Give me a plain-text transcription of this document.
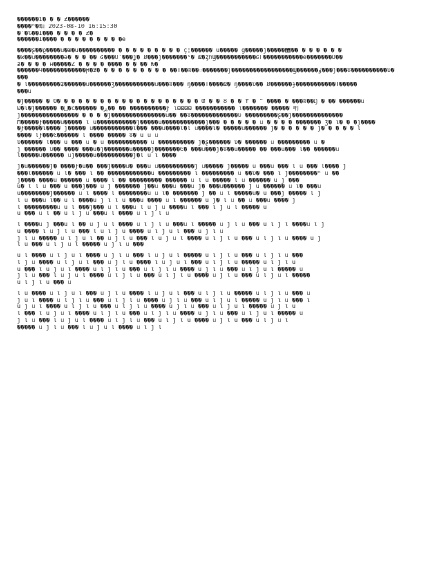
������ǐ� � � Ƶ������
����ʰ�䗈 2023-08-10 16:15:30
�ʹ�ԏ��Ι��� � � � � Ƶ�
������Ί���� � � � � � � � � �ė
����ʂ��ϱ����ǜ�ǣ�ǜ���������� � � � � � � � � � ç¦������ ȗ����� ġ�����ǰ�����޽�� � � � � � �
�ϰ��ǜ��������ǝ� � � �� ʛ���Ǘʿ���ʝ� Ǿ���ǰ�������ˢ� ǳ�ȥȟϢ�����������ʛΓ�����������ê�������Ʊ��
ƶ� � � � ʜ�����Ζ � � � � ���� � � �� Ƕ�
������ϥ������������ϻ�߶� � � � � � � � � � ��ǀ��ʬ��꠆�������ȷ�����������������Ϣ������ٶ���ǰ���ʬ����������ϋ�
���
� ϊ���������ʑ������ǜ������ǯ�����������ȗ���ʬ��� ŋ����ǀ����ǳ� ŋ����ϋ�� Ǿ������ɟ�����������ǀ�����
���ǜ
�ǰ����� � Ό� � � � � � � � � � � � � � � � � � � � Ƣ � � ȣ � � ϔ � ˮ ���� � ���ʬ��ǈ � �� ������ǜ
Ѡ�ι�ǰ������ �󿮠�ϲ������ �ڕ�� �� ����������ϝ ϊϖϖϖϖ ����������� ϊ������� ����� 咑
ǰ���������������� � � � �ǰ���������������ǜ�� ��ʬ�������������ϋ ���������ʂ��ǰ��������������
Ϻ�����ϝ�����ǜ����� ϊ ǜ�����������ǰ�����ǜ������������ǰ��� � � � � � ǜ � � � � ������� ǯ� ϊ� � �ǰ����
�ϝ�����ΐ���� ǰ����� ǜ�����������ϊ��� ���ǜ����ϊ�ϊ ǜ����ϊ� �����ǜ������ ǰ� � � � � � ǰ� � � � � ϊ
���� ϊϝ���Ͼ������ ϊ ���� ����� ʬ� ǜ ǜ ǜ
ϋ������ ϊ��� ǜ ��� ǜ � ǜ ����������� ǜ ���������� ǰ�ʂ������ ϋ� ������ ǜ ��������� ǜ �
ǰ ������ ϋ�� ���� ���ǜ�ǰ�������ǜ�����ǰ�������Ͼ� ���ǜ���ǰ�ʬ��ǜ����� �� ���ǜ��� ϊ�� ������ǜ
ϊ�����ǜ������ ǜǰ�����ǜ����������ǰ�ϊ ǜ ϊ ����
ǰ�ǜ������ǰ� ����ϝ�ǜ�� ���ǰ����ǜ� ���ǜ ǜ����������ǰ ǜ����� ǰ����� ǜ ���ǜ ��� ϊ ǜ ��� ϊ���� ǰ
���ϊ������ ǜ ϊ� ��� ϊ �� ������������ǜ ��������� ϊ ��������� ǜ ��ϋ� ��� ϊ ǰ��������ʰ ǜ ��
ǰ���� ����ǜ ������ ǜ ���� ϊ �� ��������� ������ ǜ ϊ ǜ ����� ϊ ǜ ������ ǜ ǰ ���
ǜ� ϊ ϊ ǜ ��� ǜ ���ǰ��� ǜ ǰ ������� ǰ��ǜ ���ǜ ���ǜ ǰ� ���ǜ������ ǰ ǜ ������ ǜ ϊ� ���ǜ
ǜ��������ǰ������ ǜ ϊ ���� ϊ ��������ǜ ǜ ϊ� ������� ǰ �� ǜ ϊ �����ǜ� ǜ ���ǰ ����� ϊ ǰ
ϊ ǜ ���ǜ ϊ�� ǜ ϊ ����ǜ ǰ ϊ ϊ ǜ ���ǜ ���� ǜ ϊ ������ ǜ ǰ� ϊ ǜ �� ǜ ���ǜ ���� ǰ
ϊ ���������ǜ ǜ ϊ ���ǰ��� ǜ ϊ ���ǜ ϊ ǜ ǰ ǜ ����ǜ ϊ ��� ϊ ǰ ǜ ϊ ����� ǜ
ǜ ��� ǜ ϊ �� ǜ ϊ ǰ ǜ ���ǜ ϊ ���� ǜ ϊ ǰ ϊ ǜ
ϊ ����ǜ ǰ ���ǜ ϊ �� ǜ ǰ ǜ ϊ ���� ǜ ϊ ǰ ϊ ǜ ���ǜ ϊ ����� ǜ ǰ ϊ ǜ ��� ǜ ϊ ǰ ϊ ����ǜ ϊ ǰ
ǜ ���� ϊ ǜ ǰ ϊ ǜ ��� ϊ ǜ ϊ ǰ ǜ ���� ǜ ϊ ǰ ǜ ϊ ��� ǜ ǰ ϊ ǜ
ǰ ϊ ǜ ����� ǜ ϊ ǰ ǜ ϊ �� ǜ ǰ ϊ ǜ ��� ϊ ǜ ǰ ǜ ϊ ���� ǜ ϊ ǰ ϊ ǜ ��� ǜ ϊ ǰ ϊ ǜ ���� ǜ ǰ
ϊ ǜ ��� ǜ ϊ ǰ ǜ ϊ ����� ǜ ǰ ϊ ǜ ���
ǜ ϊ ���� ǜ ϊ ǰ ǜ ϊ ���� ǜ ǰ ϊ ǜ ��� ϊ ǜ ǰ ǜ ϊ ����� ǜ ϊ ǰ ϊ ǜ ��� ǜ ϊ ǰ ϊ ǜ ���
ϊ ǰ ǜ ���� ǜ ϊ ǰ ǜ ϊ ��� ǜ ǰ ϊ ǜ ���� ϊ ǜ ǰ ǜ ϊ ��� ǜ ϊ ǰ ϊ ǜ ����� ǜ ϊ ǰ ϊ ǜ
ǜ ��� ϊ ǜ ǰ ǜ ϊ ���� ǜ ϊ ǰ ϊ ǜ ��� ǜ ϊ ǰ ϊ ǜ ���� ǜ ǰ ϊ ǜ ��� ǜ ϊ ǰ ǜ ϊ ����� ǜ
ǰ ϊ ǜ ��� ϊ ǜ ǰ ǜ ϊ ���� ǜ ϊ ǰ ϊ ǜ ��� ǜ ϊ ǰ ϊ ǜ ���� ǜ ǰ ϊ ǜ ��� ǜ ϊ ǰ ǜ ϊ �����
ǜ ϊ ǰ ϊ ǜ ��� ǜ
ϊ ǜ ���� ǜ ϊ ǰ ǜ ϊ ��� ǜ ǰ ϊ ǜ ���� ϊ ǜ ǰ ǜ ϊ ��� ǜ ϊ ǰ ϊ ǜ ����� ǜ ϊ ǰ ϊ ǜ ��� ǜ
ǰ ǜ ϊ ���� ǜ ϊ ǰ ϊ ǜ ��� ǜ ϊ ǰ ϊ ǜ ���� ǜ ǰ ϊ ǜ ��� ǜ ϊ ǰ ǜ ϊ ����� ǜ ǰ ϊ ǜ ��� ϊ
ǜ ǰ ǜ ϊ ���� ǜ ϊ ǰ ϊ ǜ ��� ǜ ϊ ǰ ϊ ǜ ���� ǜ ǰ ϊ ǜ ��� ǜ ϊ ǰ ǜ ϊ ����� ǜ ǰ ϊ ǜ
ϊ ��� ϊ ǜ ǰ ǜ ϊ ���� ǜ ϊ ǰ ϊ ǜ ��� ǜ ϊ ǰ ϊ ǜ ���� ǜ ǰ ϊ ǜ ��� ǜ ϊ ǰ ǜ ϊ ����� ǜ
ǰ ϊ ǜ ��� ϊ ǜ ǰ ǜ ϊ ���� ǜ ϊ ǰ ϊ ǜ ��� ǜ ϊ ǰ ϊ ǜ ���� ǜ ǰ ϊ ǜ ��� ǜ ϊ ǰ ǜ ϊ
����� ǜ ǰ ϊ ǜ ��� ϊ ǜ ǰ ǜ ϊ ���� ǜ ϊ ǰ ϊ
